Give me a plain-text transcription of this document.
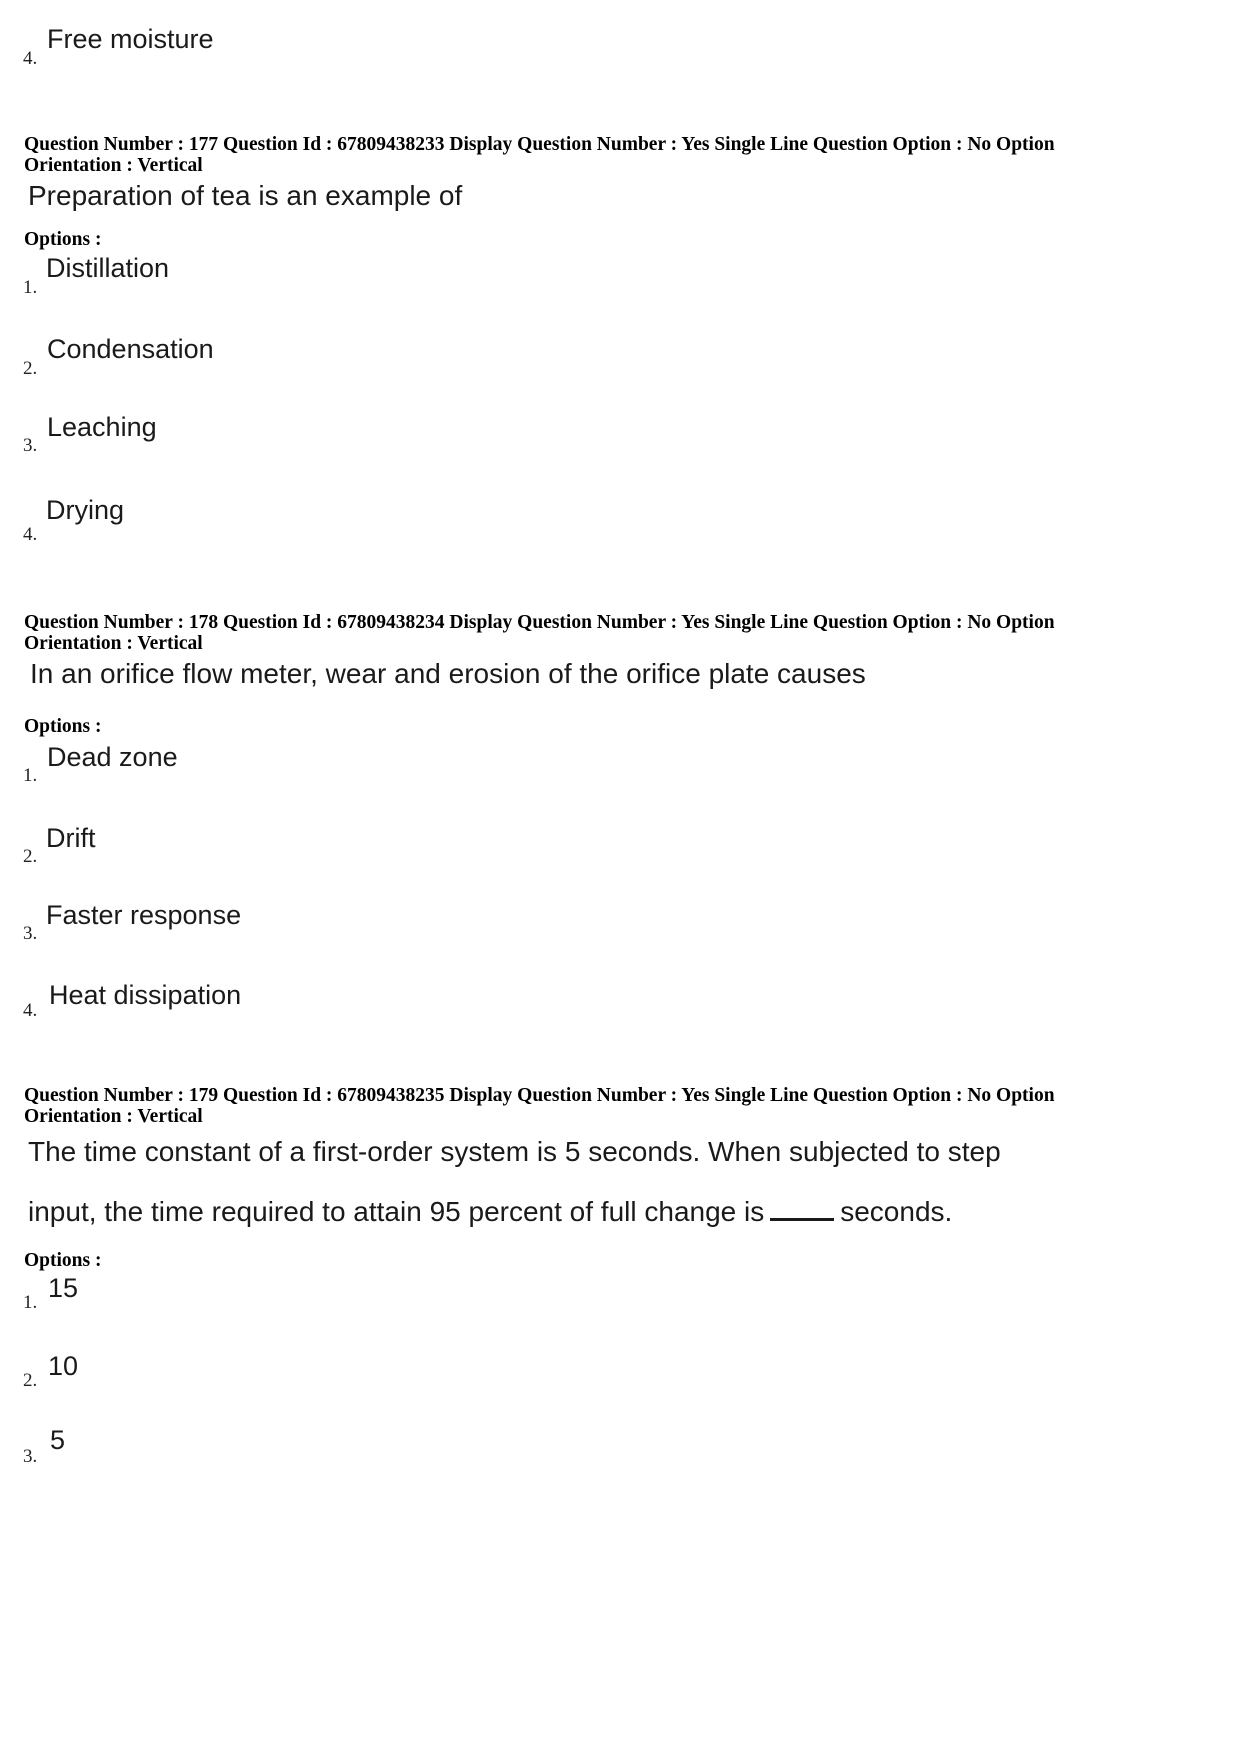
4.
Free moisture
Question Number : 177 Question Id : 67809438233 Display Question Number : Yes Single Line Question Option : No Option
Orientation : Vertical
Preparation of tea is an example of
Options :
1.
Distillation
2.
Condensation
3.
Leaching
4.
Drying
Question Number : 178 Question Id : 67809438234 Display Question Number : Yes Single Line Question Option : No Option
Orientation : Vertical
In an orifice flow meter, wear and erosion of the orifice plate causes
Options :
1.
Dead zone
2.
Drift
3.
Faster response
4.
Heat dissipation
Question Number : 179 Question Id : 67809438235 Display Question Number : Yes Single Line Question Option : No Option
Orientation : Vertical
The time constant of a first-order system is 5 seconds. When subjected to step
input, the time required to attain 95 percent of full change is	seconds.
Options :
1. 15
2. 10
3.
5
